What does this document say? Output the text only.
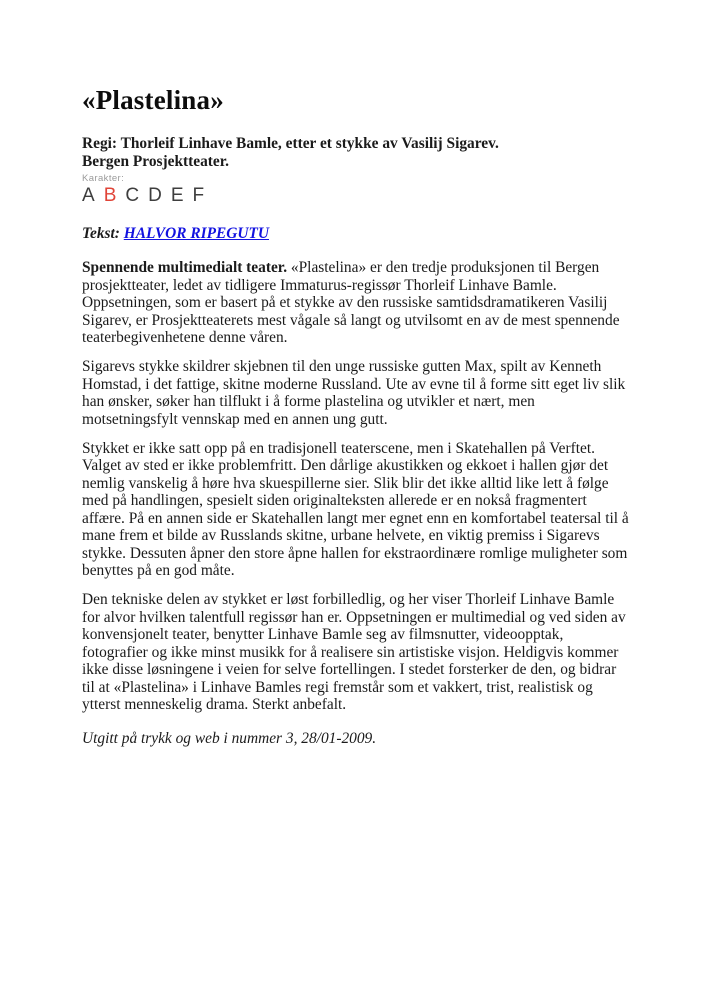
«Plastelina»

Regi: Thorleif Linhave Bamle, etter et stykke av Vasilij Sigarev.
Bergen Prosjektteater.

Karakter:
A B C D E F

Tekst: HALVOR RIPEGUTU

Spennende multimedialt teater. «Plastelina» er den tredje produksjonen til Bergen prosjektteater, ledet av tidligere Immaturus-regissør Thorleif Linhave Bamle. Oppsetningen, som er basert på et stykke av den russiske samtidsdramatikeren Vasilij Sigarev, er Prosjektteaterets mest vågale så langt og utvilsomt en av de mest spennende teaterbegivenhetene denne våren.

Sigarevs stykke skildrer skjebnen til den unge russiske gutten Max, spilt av Kenneth Homstad, i det fattige, skitne moderne Russland. Ute av evne til å forme sitt eget liv slik han ønsker, søker han tilflukt i å forme plastelina og utvikler et nært, men motsetningsfylt vennskap med en annen ung gutt.

Stykket er ikke satt opp på en tradisjonell teaterscene, men i Skatehallen på Verftet. Valget av sted er ikke problemfritt. Den dårlige akustikken og ekkoet i hallen gjør det nemlig vanskelig å høre hva skuespillerne sier. Slik blir det ikke alltid like lett å følge med på handlingen, spesielt siden originalteksten allerede er en nokså fragmentert affære. På en annen side er Skatehallen langt mer egnet enn en komfortabel teatersal til å mane frem et bilde av Russlands skitne, urbane helvete, en viktig premiss i Sigarevs stykke. Dessuten åpner den store åpne hallen for ekstraordinære romlige muligheter som benyttes på en god måte.

Den tekniske delen av stykket er løst forbilledlig, og her viser Thorleif Linhave Bamle for alvor hvilken talentfull regissør han er. Oppsetningen er multimedial og ved siden av konvensjonelt teater, benytter Linhave Bamle seg av filmsnutter, videoopptak, fotografier og ikke minst musikk for å realisere sin artistiske visjon. Heldigvis kommer ikke disse løsningene i veien for selve fortellingen. I stedet forsterker de den, og bidrar til at «Plastelina» i Linhave Bamles regi fremstår som et vakkert, trist, realistisk og ytterst menneskelig drama. Sterkt anbefalt.

Utgitt på trykk og web i nummer 3, 28/01-2009.
